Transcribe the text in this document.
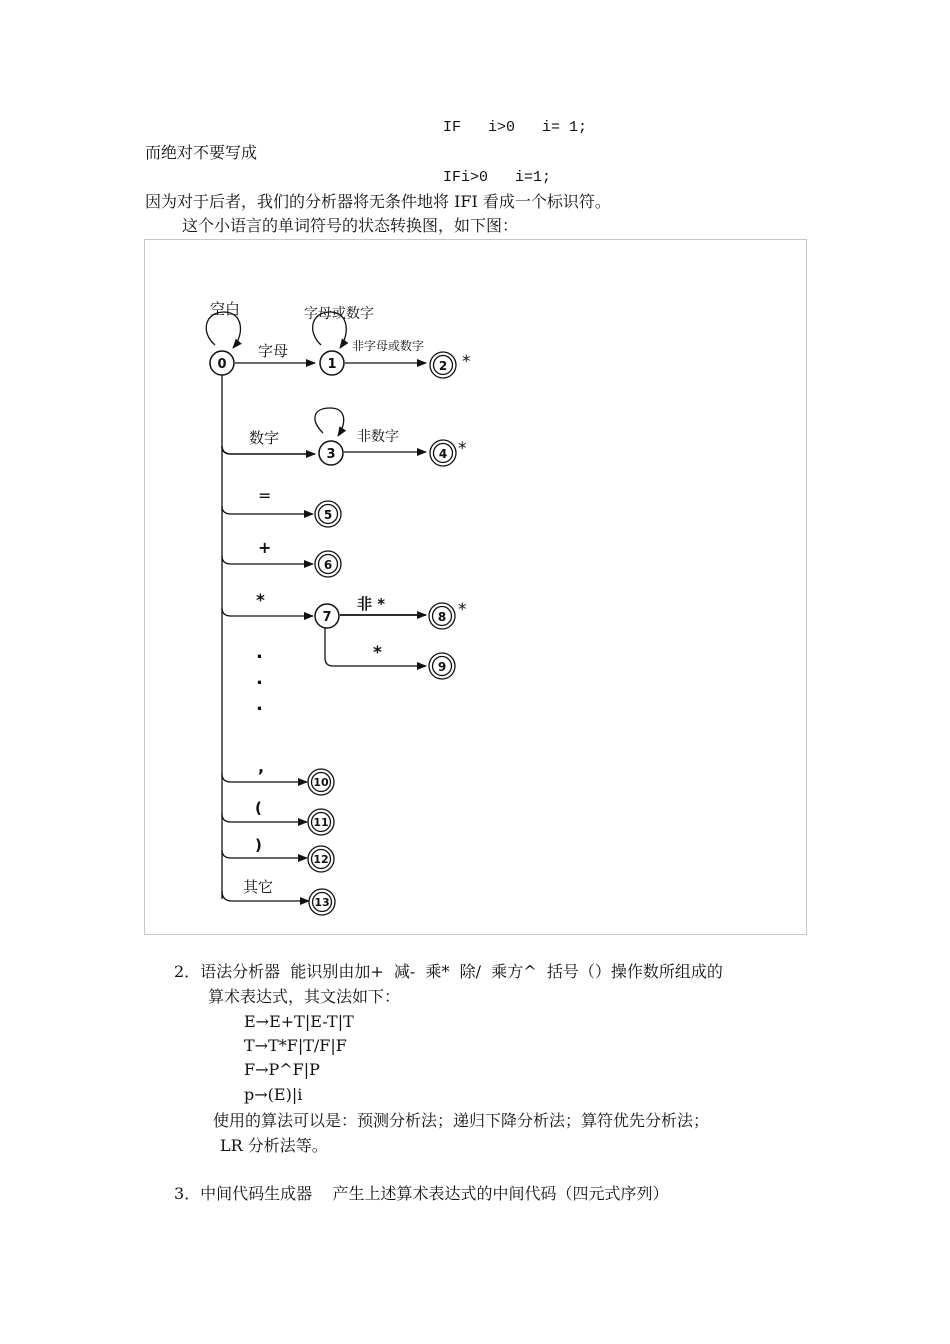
IF   i>0   i= 1;
而绝对不要写成
IFi>0   i=1;
因为对于后者，我们的分析器将无条件地将 IFI 看成一个标识符。
这个小语言的单词符号的状态转换图，如下图：
0	1
3
7
2
4
5
6
8
9
10
11
12
13
*
*
*
空白	字母或数字
字母	非字母或数字
数字	非数字
=
+
*	非 *
*
.
.
.
,
(
)
其它
2．语法分析器  能识别由加+  减-  乘*  除/  乘方^  括号（）操作数所组成的
算术表达式，其文法如下：
E→E+T|E-T|T
T→T*F|T/F|F
F→P^F|P
p→(E)|i
使用的算法可以是：预测分析法；递归下降分析法；算符优先分析法；
LR 分析法等。
3．中间代码生成器    产生上述算术表达式的中间代码（四元式序列）
